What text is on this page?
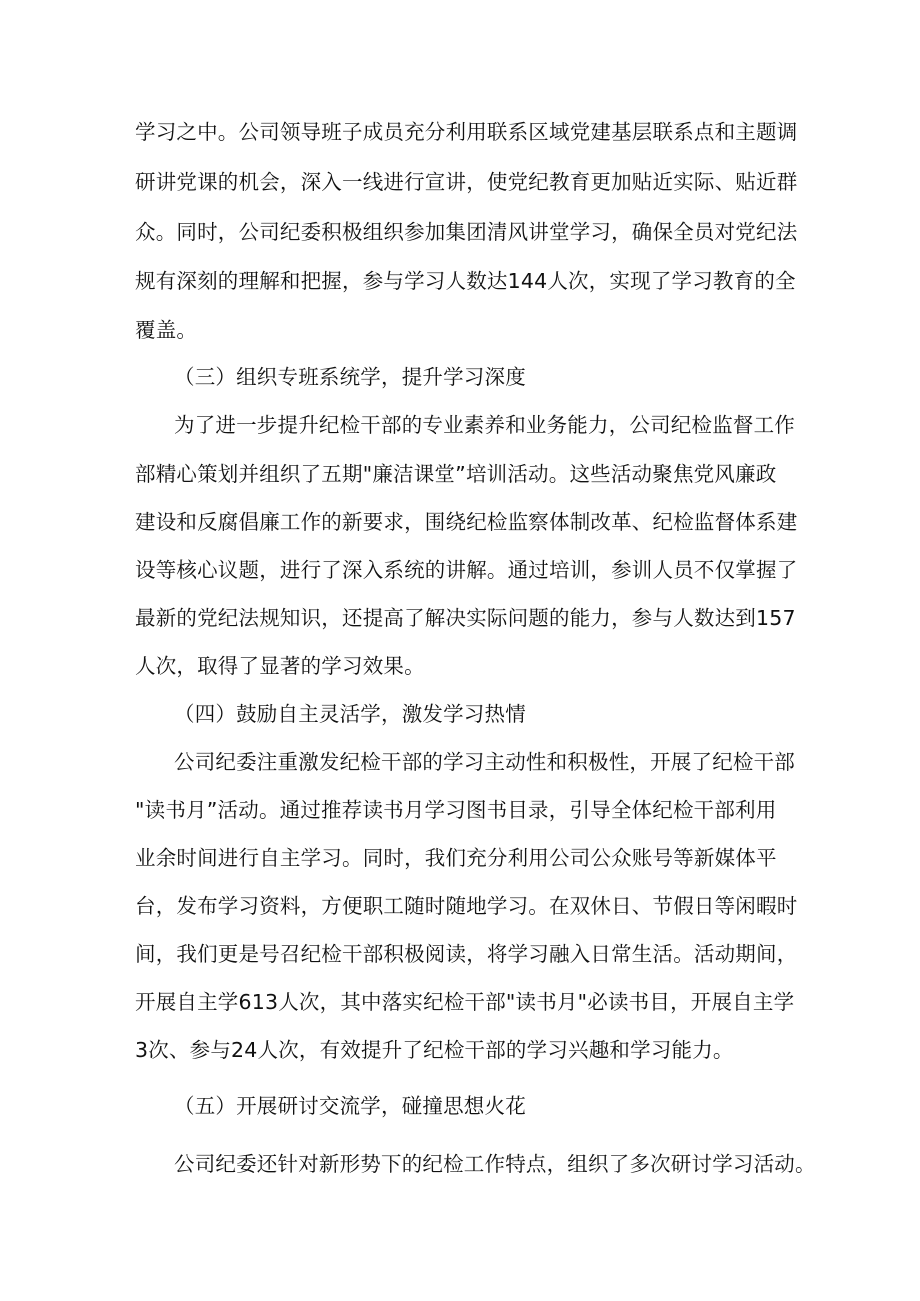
学习之中。公司领导班子成员充分利用联系区域党建基层联系点和主题调
研讲党课的机会，深入一线进行宣讲，使党纪教育更加贴近实际、贴近群
众。同时，公司纪委积极组织参加集团清风讲堂学习，确保全员对党纪法
规有深刻的理解和把握，参与学习人数达144人次，实现了学习教育的全
覆盖。
（三）组织专班系统学，提升学习深度
为了进一步提升纪检干部的专业素养和业务能力，公司纪检监督工作
部精心策划并组织了五期"廉洁课堂”培训活动。这些活动聚焦党风廉政
建设和反腐倡廉工作的新要求，围绕纪检监察体制改革、纪检监督体系建
设等核心议题，进行了深入系统的讲解。通过培训，参训人员不仅掌握了
最新的党纪法规知识，还提高了解决实际问题的能力，参与人数达到157
人次，取得了显著的学习效果。
（四）鼓励自主灵活学，激发学习热情
公司纪委注重激发纪检干部的学习主动性和积极性，开展了纪检干部
"读书月”活动。通过推荐读书月学习图书目录，引导全体纪检干部利用
业余时间进行自主学习。同时，我们充分利用公司公众账号等新媒体平
台，发布学习资料，方便职工随时随地学习。在双休日、节假日等闲暇时
间，我们更是号召纪检干部积极阅读，将学习融入日常生活。活动期间，
开展自主学613人次，其中落实纪检干部"读书月"必读书目，开展自主学
3次、参与24人次，有效提升了纪检干部的学习兴趣和学习能力。
（五）开展研讨交流学，碰撞思想火花
公司纪委还针对新形势下的纪检工作特点，组织了多次研讨学习活动。
